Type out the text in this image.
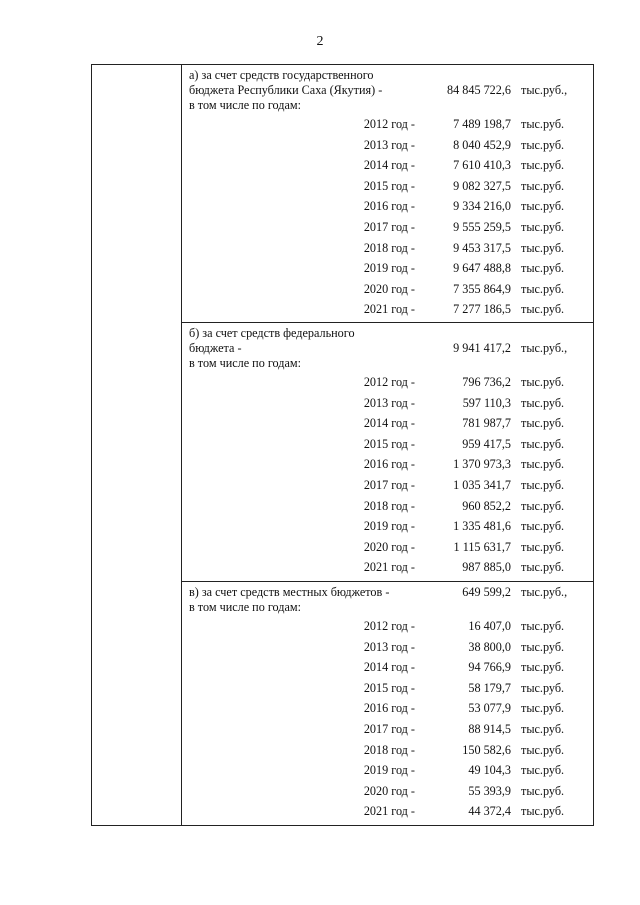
2
а) за счет средств государственного
бюджета Республики Саха (Якутия) -
в том числе по годам:
84 845 722,6 тыс.руб.,
2012 год -	7 489 198,7 тыс.руб.
2013 год -	8 040 452,9 тыс.руб.
2014 год -	7 610 410,3 тыс.руб.
2015 год -	9 082 327,5 тыс.руб.
2016 год -	9 334 216,0 тыс.руб.
2017 год -	9 555 259,5 тыс.руб.
2018 год -	9 453 317,5 тыс.руб.
2019 год -	9 647 488,8 тыс.руб.
2020 год -	7 355 864,9 тыс.руб.
2021 год -	7 277 186,5 тыс.руб.
б) за счет средств федерального
бюджета -
в том числе по годам:
9 941 417,2 тыс.руб.,
2012 год -	796 736,2 тыс.руб.
2013 год -	597 110,3 тыс.руб.
2014 год -	781 987,7 тыс.руб.
2015 год -	959 417,5 тыс.руб.
2016 год -	1 370 973,3 тыс.руб.
2017 год -	1 035 341,7 тыс.руб.
2018 год -	960 852,2 тыс.руб.
2019 год -	1 335 481,6 тыс.руб.
2020 год -	1 115 631,7 тыс.руб.
2021 год -	987 885,0 тыс.руб.
в) за счет средств местных бюджетов -
в том числе по годам:
649 599,2 тыс.руб.,
2012 год -	16 407,0 тыс.руб.
2013 год -	38 800,0 тыс.руб.
2014 год -	94 766,9 тыс.руб.
2015 год -	58 179,7 тыс.руб.
2016 год -	53 077,9 тыс.руб.
2017 год -	88 914,5 тыс.руб.
2018 год -	150 582,6 тыс.руб.
2019 год -	49 104,3 тыс.руб.
2020 год -	55 393,9 тыс.руб.
2021 год -	44 372,4 тыс.руб.
